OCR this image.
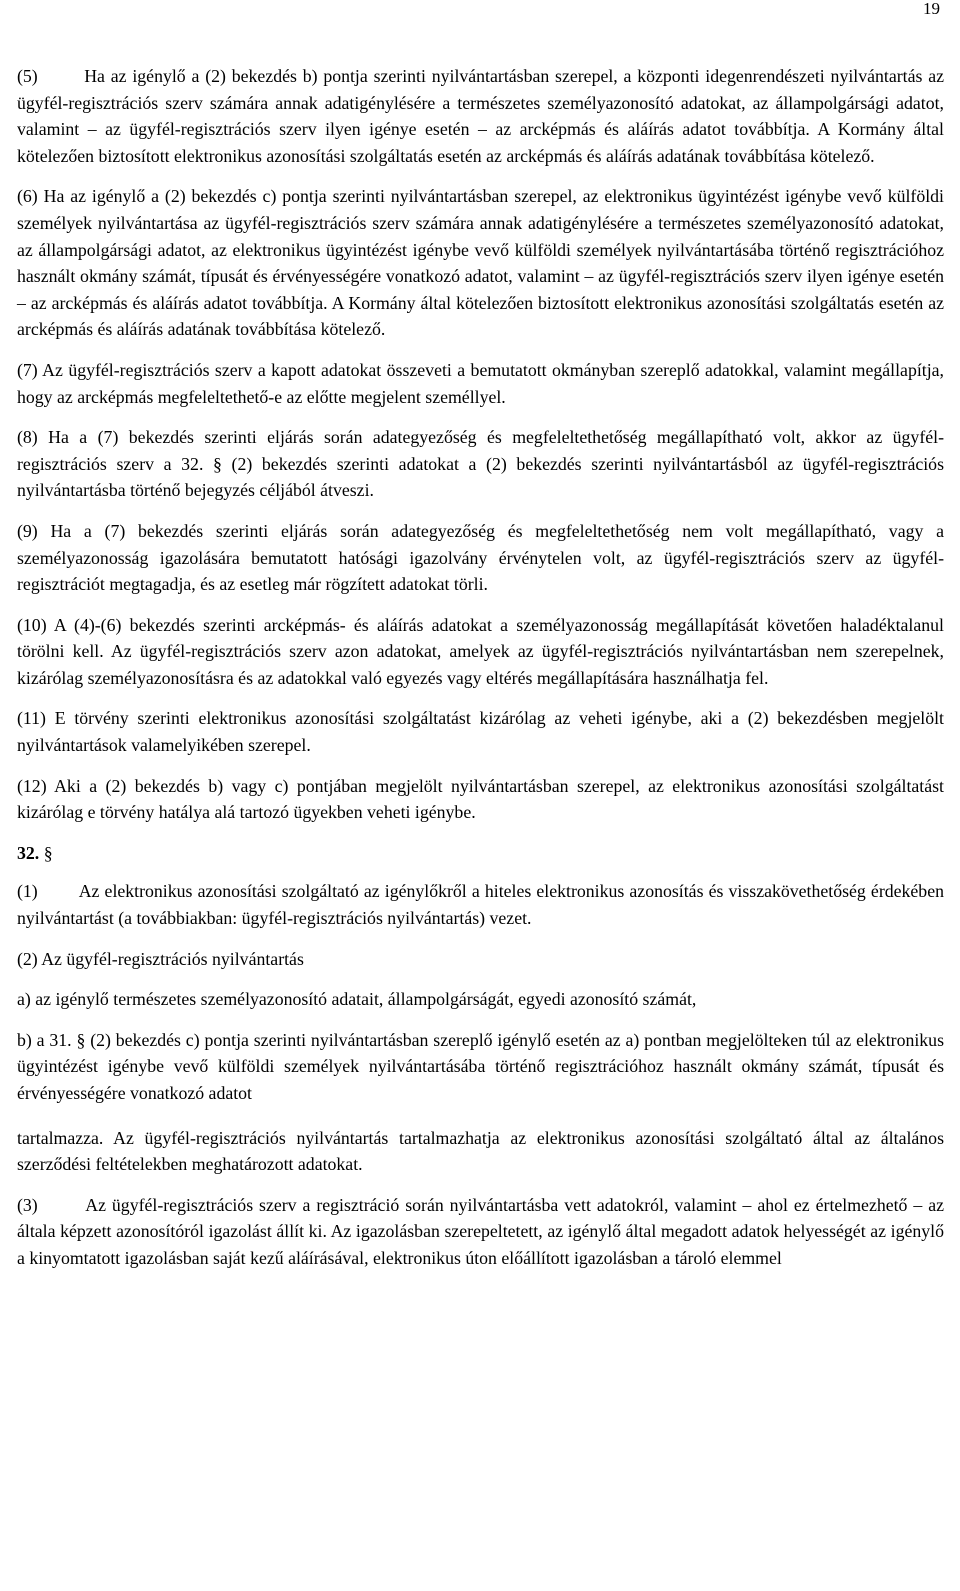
19

(5)        Ha az igénylő a (2) bekezdés b) pontja szerinti nyilvántartásban szerepel, a központi idegenrendészeti nyilvántartás az ügyfél-regisztrációs szerv számára annak adatigénylésére a természetes személyazonosító adatokat, az állampolgársági adatot, valamint – az ügyfél-regisztrációs szerv ilyen igénye esetén – az arcképmás és aláírás adatot továbbítja. A Kormány által kötelezően biztosított elektronikus azonosítási szolgáltatás esetén az arcképmás és aláírás adatának továbbítása kötelező.

(6) Ha az igénylő a (2) bekezdés c) pontja szerinti nyilvántartásban szerepel, az elektronikus ügyintézést igénybe vevő külföldi személyek nyilvántartása az ügyfél-regisztrációs szerv számára annak adatigénylésére a természetes személyazonosító adatokat, az állampolgársági adatot, az elektronikus ügyintézést igénybe vevő külföldi személyek nyilvántartásába történő regisztrációhoz használt okmány számát, típusát és érvényességére vonatkozó adatot, valamint – az ügyfél-regisztrációs szerv ilyen igénye esetén – az arcképmás és aláírás adatot továbbítja. A Kormány által kötelezően biztosított elektronikus azonosítási szolgáltatás esetén az arcképmás és aláírás adatának továbbítása kötelező.

(7) Az ügyfél-regisztrációs szerv a kapott adatokat összeveti a bemutatott okmányban szereplő adatokkal, valamint megállapítja, hogy az arcképmás megfeleltethető-e az előtte megjelent személlyel.

(8) Ha a (7) bekezdés szerinti eljárás során adategyezőség és megfeleltethetőség megállapítható volt, akkor az ügyfél-regisztrációs szerv a 32. § (2) bekezdés szerinti adatokat a (2) bekezdés szerinti nyilvántartásból az ügyfél-regisztrációs nyilvántartásba történő bejegyzés céljából átveszi.

(9) Ha a (7) bekezdés szerinti eljárás során adategyezőség és megfeleltethetőség nem volt megállapítható, vagy a személyazonosság igazolására bemutatott hatósági igazolvány érvénytelen volt, az ügyfél-regisztrációs szerv az ügyfél-regisztrációt megtagadja, és az esetleg már rögzített adatokat törli.

(10) A (4)-(6) bekezdés szerinti arcképmás- és aláírás adatokat a személyazonosság megállapítását követően haladéktalanul törölni kell. Az ügyfél-regisztrációs szerv azon adatokat, amelyek az ügyfél-regisztrációs nyilvántartásban nem szerepelnek, kizárólag személyazonosításra és az adatokkal való egyezés vagy eltérés megállapítására használhatja fel.

(11) E törvény szerinti elektronikus azonosítási szolgáltatást kizárólag az veheti igénybe, aki a (2) bekezdésben megjelölt nyilvántartások valamelyikében szerepel.

(12) Aki a (2) bekezdés b) vagy c) pontjában megjelölt nyilvántartásban szerepel, az elektronikus azonosítási szolgáltatást kizárólag e törvény hatálya alá tartozó ügyekben veheti igénybe.

32. §

(1)        Az elektronikus azonosítási szolgáltató az igénylőkről a hiteles elektronikus azonosítás és visszakövethetőség érdekében nyilvántartást (a továbbiakban: ügyfél-regisztrációs nyilvántartás) vezet.

(2) Az ügyfél-regisztrációs nyilvántartás

a) az igénylő természetes személyazonosító adatait, állampolgárságát, egyedi azonosító számát,

b) a 31. § (2) bekezdés c) pontja szerinti nyilvántartásban szereplő igénylő esetén az a) pontban megjelölteken túl az elektronikus ügyintézést igénybe vevő külföldi személyek nyilvántartásába történő regisztrációhoz használt okmány számát, típusát és érvényességére vonatkozó adatot

tartalmazza. Az ügyfél-regisztrációs nyilvántartás tartalmazhatja az elektronikus azonosítási szolgáltató által az általános szerződési feltételekben meghatározott adatokat.

(3)        Az ügyfél-regisztrációs szerv a regisztráció során nyilvántartásba vett adatokról, valamint – ahol ez értelmezhető – az általa képzett azonosítóról igazolást állít ki. Az igazolásban szerepeltetett, az igénylő által megadott adatok helyességét az igénylő a kinyomtatott igazolásban saját kezű aláírásával, elektronikus úton előállított igazolásban a tároló elemmel
